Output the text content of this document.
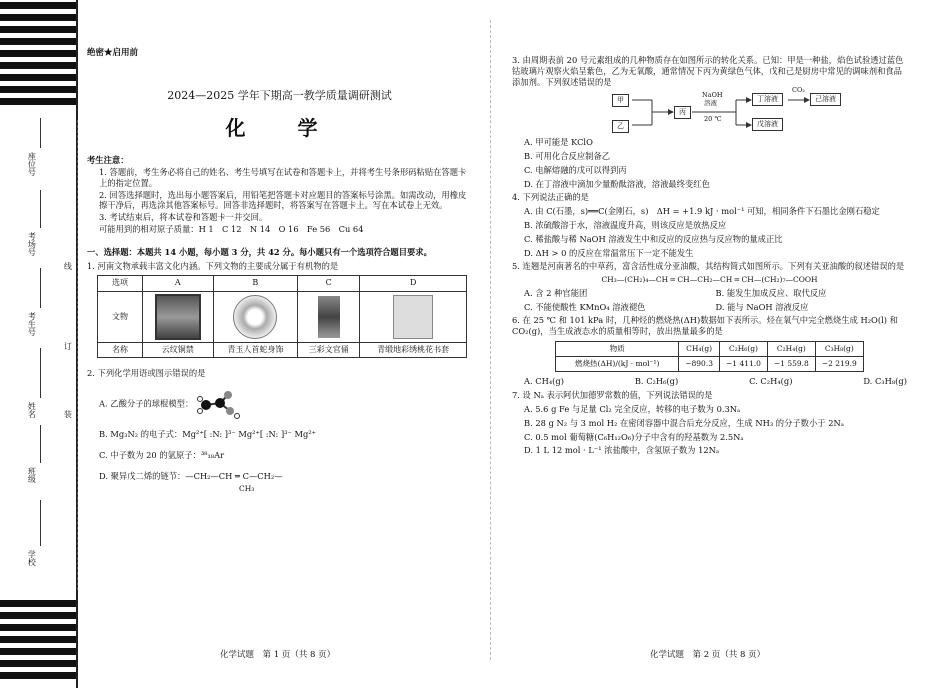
座位号
考场号
考生号
姓名
班级
学校
线
订
装
绝密★启用前
2024—2025 学年下期高一教学质量调研测试
化　学
考生注意：

1. 答题前，考生务必将自己的姓名、考生号填写在试卷和答题卡上，并将考生号条形码粘贴在答题卡上的指定位置。

2. 回答选择题时，选出每小题答案后，用铅笔把答题卡对应题目的答案标号涂黑。如需改动，用橡皮擦干净后，再选涂其他答案标号。回答非选择题时，将答案写在答题卡上。写在本试卷上无效。

3. 考试结束后，将本试卷和答题卡一并交回。

可能用到的相对原子质量：H 1　C 12　N 14　O 16　Fe 56　Cu 64

一、选择题：本题共 14 小题，每小题 3 分，共 42 分。每小题只有一个选项符合题目要求。
1. 河南文物承载丰富文化内涵。下列文物的主要成分属于有机物的是
选项	A	B	C	D
文物	

名称	云纹铜禁	青玉人首蛇身饰	三彩文官俑	青缎地彩绣桃花书套
2. 下列化学用语或图示错误的是
A. 乙酸分子的球棍模型：
B. Mg₃N₂ 的电子式：Mg²⁺[ :N: ]³⁻ Mg²⁺[ :N: ]³⁻ Mg²⁺
C. 中子数为 20 的氩原子：³⁸₁₈Ar
D. 聚异戊二烯的链节：—CH₂—CH ═ C—CH₂—
CH₃
化学试题　第 1 页（共 8 页）
3. 由周期表前 20 号元素组成的几种物质存在如图所示的转化关系。已知：甲是一种盐，焰色试验透过蓝色钴玻璃片观察火焰呈紫色，乙为无氧酸，通常情况下丙为黄绿色气体，戊和己是厨房中常见的调味剂和食品添加剂。下列叙述错误的是
甲
乙
丙
NaOH
溶液
20 ℃
丁溶液
戊溶液
CO₂
己溶液
A. 甲可能是 KClO
B. 可用化合反应制备乙
C. 电解熔融的戊可以得到丙
D. 在丁溶液中滴加少量酚酞溶液，溶液最终变红色
4. 下列说法正确的是
A. 由 C(石墨，s)══C(金刚石，s)　ΔH = +1.9 kJ · mol⁻¹ 可知，相同条件下石墨比金刚石稳定
B. 浓硫酸溶于水，溶液温度升高，则该反应是放热反应
C. 稀盐酸与稀 NaOH 溶液发生中和反应的反应热与反应物的量成正比
D. ΔH > 0 的反应在常温常压下一定不能发生
5. 连翘是河南著名的中草药，富含活性成分亚油酸，其结构简式如图所示。下列有关亚油酸的叙述错误的是
CH₃—(CH₂)₄—CH ═ CH—CH₂—CH ═ CH—(CH₂)₇—COOH
A. 含 2 种官能团	B. 能发生加成反应、取代反应
C. 不能使酸性 KMnO₄ 溶液褪色	D. 能与 NaOH 溶液反应
6. 在 25 ℃ 和 101 kPa 时，几种烃的燃烧热(ΔH)数据如下表所示。烃在氧气中完全燃烧生成 H₂O(l) 和 CO₂(g)，当生成液态水的质量相等时，放出热量最多的是
物质	CH₄(g)	C₂H₆(g)	C₂H₄(g)	C₃H₈(g)
燃烧热(ΔH)/(kJ · mol⁻¹)	−890.3	−1 411.0	−1 559.8	−2 219.9
A. CH₄(g)	B. C₂H₆(g)	C. C₂H₄(g)	D. C₃H₈(g)
7. 设 Nₐ 表示阿伏加德罗常数的值，下列说法错误的是
A. 5.6 g Fe 与足量 Cl₂ 完全反应，转移的电子数为 0.3Nₐ
B. 28 g N₂ 与 3 mol H₂ 在密闭容器中混合后充分反应，生成 NH₃ 的分子数小于 2Nₐ
C. 0.5 mol 葡萄糖(C₆H₁₂O₆)分子中含有的羟基数为 2.5Nₐ
D. 1 L 12 mol · L⁻¹ 浓盐酸中，含氢原子数为 12Nₐ
化学试题　第 2 页（共 8 页）
